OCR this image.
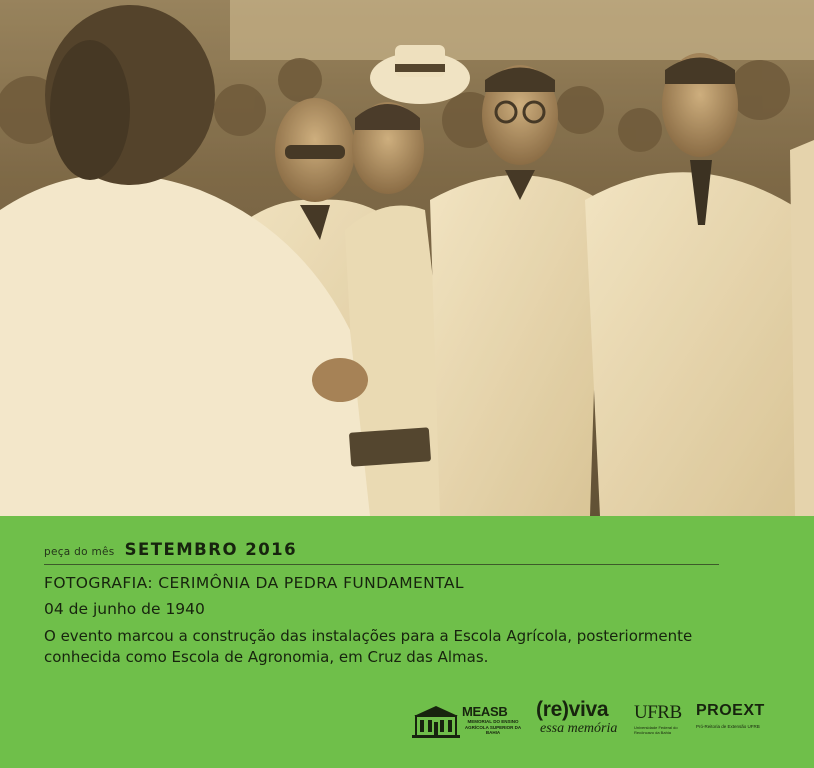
peça do mês SETEMBRO 2016
FOTOGRAFIA: CERIMÔNIA DA PEDRA FUNDAMENTAL
04 de junho de 1940
O evento marcou a construção das instalações para a Escola Agrícola, posteriormente conhecida como Escola de Agronomia, em Cruz das Almas.
MEASB
MEMORIAL DO ENSINO AGRÍCOLA SUPERIOR DA BAHIA
(re)viva
essa memória
UFRB
Universidade Federal do Recôncavo da Bahia
PROEXT
Pró-Reitoria de Extensão UFRB
